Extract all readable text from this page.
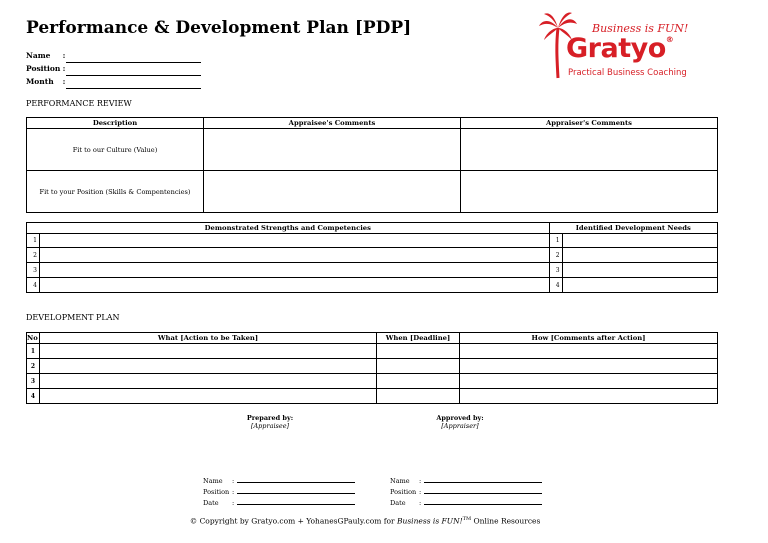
Performance & Development Plan [PDP]	Business is FUN!
Gratyo®
Practical Business Coaching
Name :
Position :
Month :
PERFORMANCE REVIEW
Description	Appraisee's Comments	Appraiser's Comments
Fit to our Culture (Value)		
Fit to your Position (Skills & Compentencies)		
Demonstrated Strengths and Competencies		Identified Development Needs	
1		1	
2		2	
3		3	
4		4	
DEVELOPMENT PLAN
No	What [Action to be Taken]	When [Deadline]	How [Comments after Action]
1			
2			
3			
4			
Prepared by:
[Appraisee]
Approved by:
[Appraiser]
Name :
Position :
Date :
Name :
Position :
Date :
© Copyright by Gratyo.com + YohanesGPauly.com for Business is FUN!™ Online Resources
